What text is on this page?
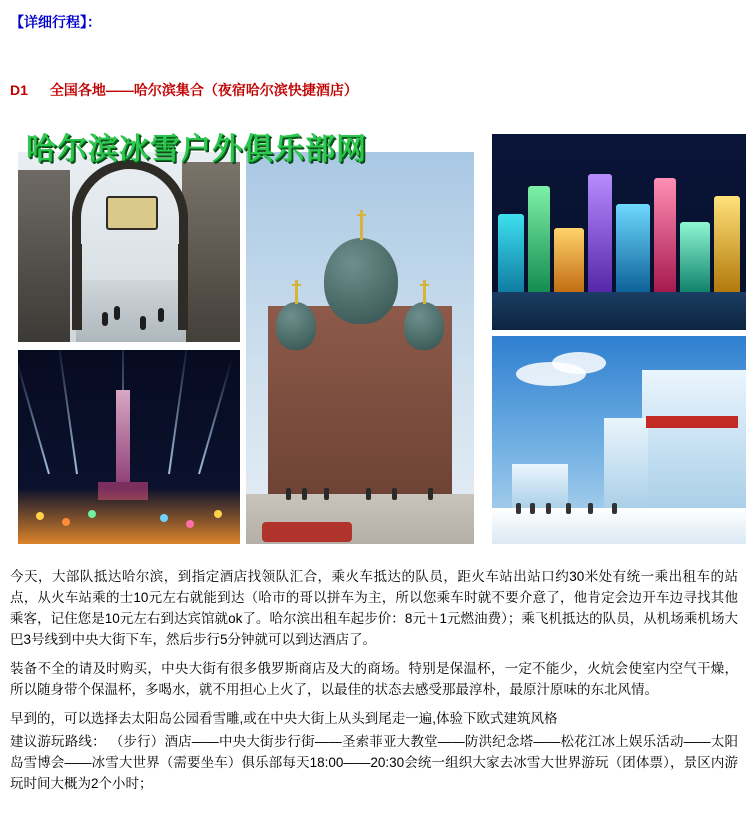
【详细行程】：
D1 全国各地——哈尔滨集合（夜宿哈尔滨快捷酒店）
哈尔滨冰雪户外俱乐部网

今天，大部队抵达哈尔滨，到指定酒店找领队汇合，乘火车抵达的队员，距火车站出站口约30米处有统一乘出租车的站点，从火车站乘的士10元左右就能到达（哈市的哥以拼车为主，所以您乘车时就不要介意了，他肯定会边开车边寻找其他乘客，记住您是10元左右到达宾馆就ok了。哈尔滨出租车起步价：8元＋1元燃油费）；乘飞机抵达的队员，从机场乘机场大巴3号线到中央大街下车，然后步行5分钟就可以到达酒店了。

装备不全的请及时购买，中央大街有很多俄罗斯商店及大的商场。特别是保温杯，一定不能少，火炕会使室内空气干燥，所以随身带个保温杯，多喝水，就不用担心上火了，以最佳的状态去感受那最淳朴，最原汁原味的东北风情。

早到的，可以选择去太阳岛公园看雪雕,或在中央大街上从头到尾走一遍,体验下欧式建筑风格

建议游玩路线： （步行）酒店——中央大街步行街——圣索菲亚大教堂——防洪纪念塔——松花江冰上娱乐活动——太阳岛雪博会——冰雪大世界（需要坐车）俱乐部每天18:00——20:30会统一组织大家去冰雪大世界游玩（团体票），景区内游玩时间大概为2个小时；
